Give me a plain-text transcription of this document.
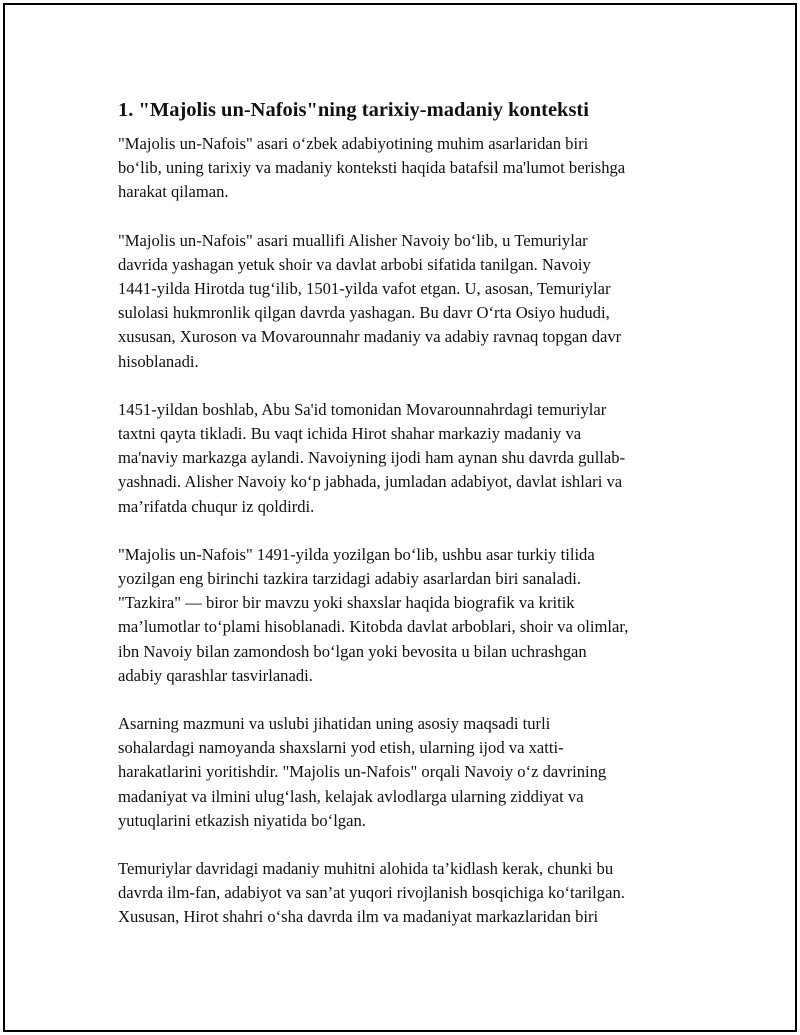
1. "Majolis un-Nafois"ning tarixiy-madaniy konteksti

"Majolis un-Nafois" asari o‘zbek adabiyotining muhim asarlaridan biri
bo‘lib, uning tarixiy va madaniy konteksti haqida batafsil ma'lumot berishga
harakat qilaman.

"Majolis un-Nafois" asari muallifi Alisher Navoiy bo‘lib, u Temuriylar
davrida yashagan yetuk shoir va davlat arbobi sifatida tanilgan. Navoiy
1441-yilda Hirotda tug‘ilib, 1501-yilda vafot etgan. U, asosan, Temuriylar
sulolasi hukmronlik qilgan davrda yashagan. Bu davr O‘rta Osiyo hududi,
xususan, Xuroson va Movarounnahr madaniy va adabiy ravnaq topgan davr
hisoblanadi.

1451-yildan boshlab, Abu Sa'id tomonidan Movarounnahrdagi temuriylar
taxtni qayta tikladi. Bu vaqt ichida Hirot shahar markaziy madaniy va
ma'naviy markazga aylandi. Navoiyning ijodi ham aynan shu davrda gullab-
yashnadi. Alisher Navoiy ko‘p jabhada, jumladan adabiyot, davlat ishlari va
ma’rifatda chuqur iz qoldirdi.

"Majolis un-Nafois" 1491-yilda yozilgan bo‘lib, ushbu asar turkiy tilida
yozilgan eng birinchi tazkira tarzidagi adabiy asarlardan biri sanaladi.
"Tazkira" — biror bir mavzu yoki shaxslar haqida biografik va kritik
ma’lumotlar to‘plami hisoblanadi. Kitobda davlat arboblari, shoir va olimlar,
ibn Navoiy bilan zamondosh bo‘lgan yoki bevosita u bilan uchrashgan
adabiy qarashlar tasvirlanadi.

Asarning mazmuni va uslubi jihatidan uning asosiy maqsadi turli
sohalardagi namoyanda shaxslarni yod etish, ularning ijod va xatti-
harakatlarini yoritishdir. "Majolis un-Nafois" orqali Navoiy o‘z davrining
madaniyat va ilmini ulug‘lash, kelajak avlodlarga ularning ziddiyat va
yutuqlarini etkazish niyatida bo‘lgan.

Temuriylar davridagi madaniy muhitni alohida ta’kidlash kerak, chunki bu
davrda ilm-fan, adabiyot va san’at yuqori rivojlanish bosqichiga ko‘tarilgan.
Xususan, Hirot shahri o‘sha davrda ilm va madaniyat markazlaridan biri
